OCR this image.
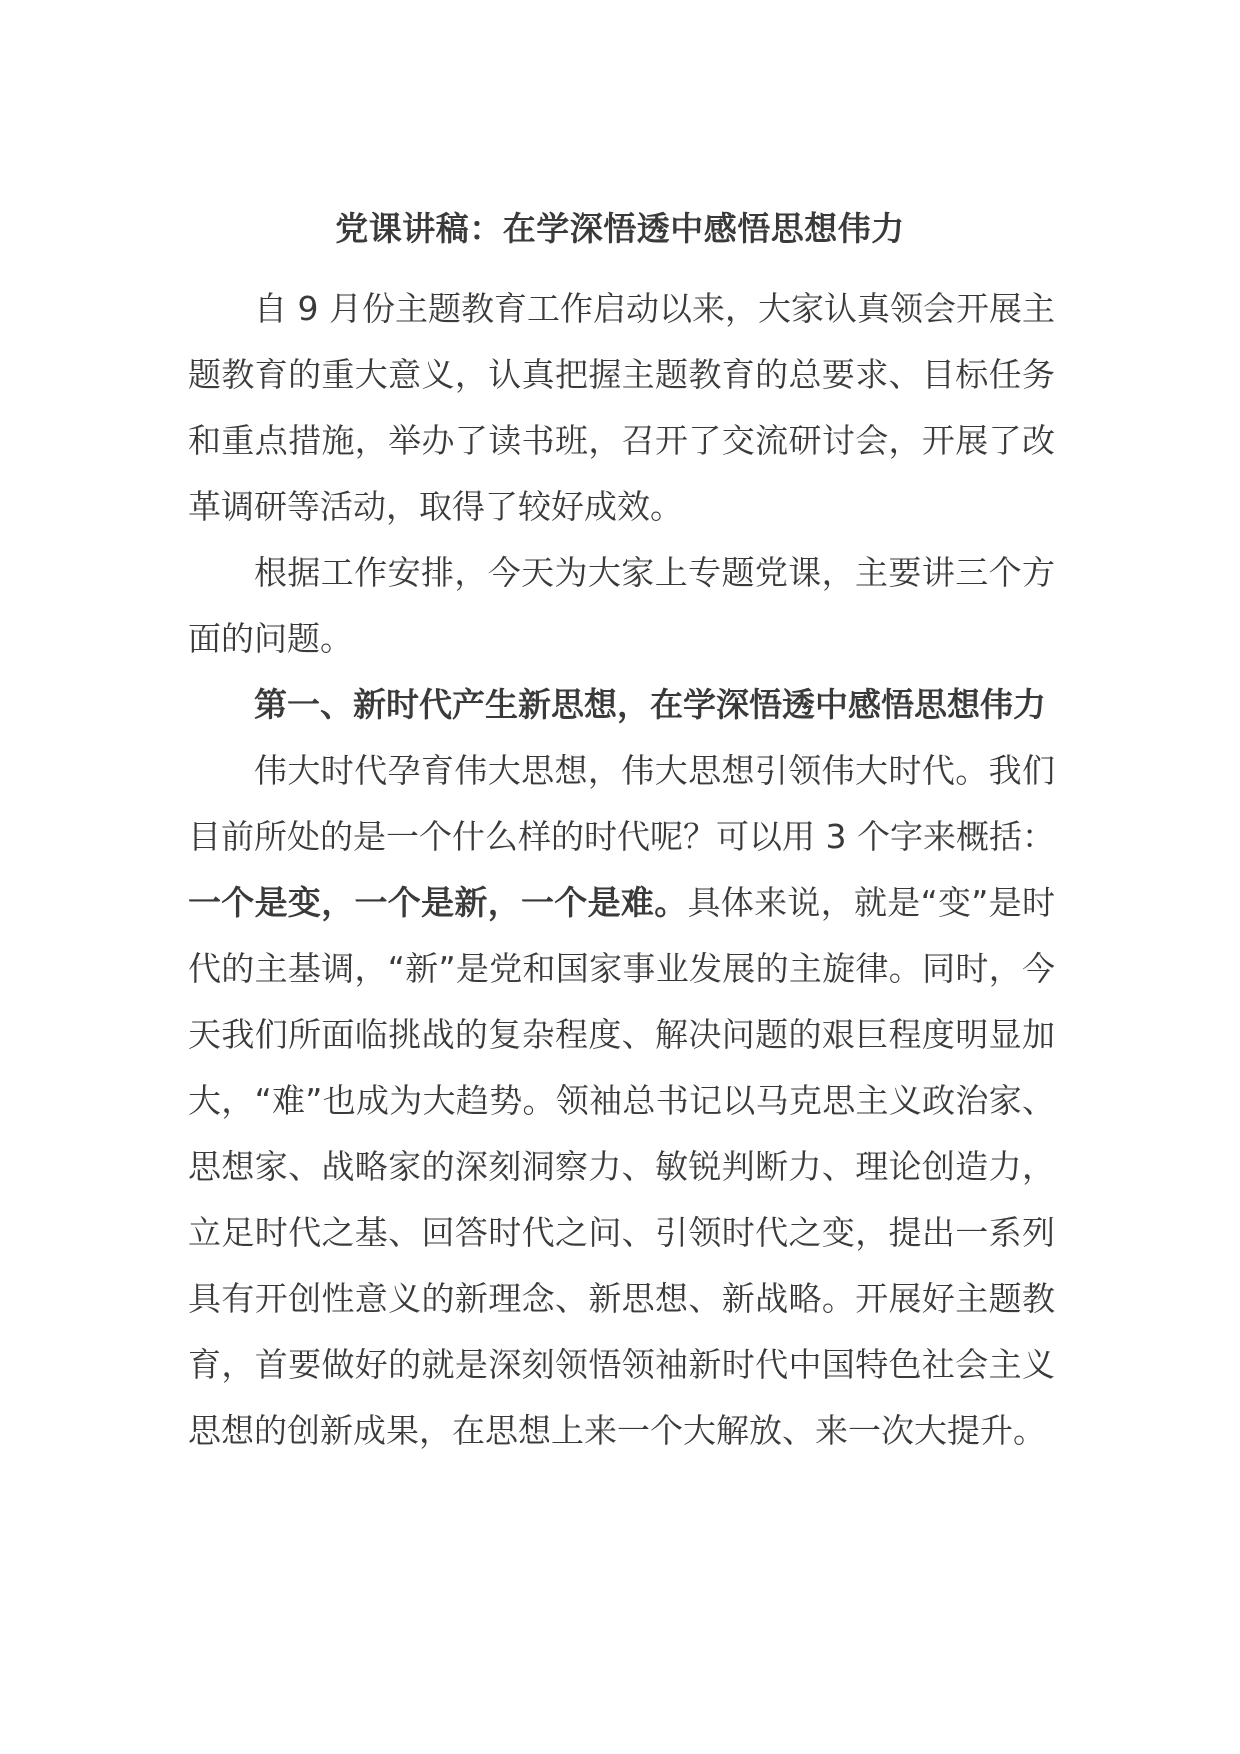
党课讲稿：在学深悟透中感悟思想伟力

自 9 月份主题教育工作启动以来，大家认真领会开展主题教育的重大意义，认真把握主题教育的总要求、目标任务和重点措施，举办了读书班，召开了交流研讨会，开展了改革调研等活动，取得了较好成效。

根据工作安排，今天为大家上专题党课，主要讲三个方面的问题。

第一、新时代产生新思想，在学深悟透中感悟思想伟力

伟大时代孕育伟大思想，伟大思想引领伟大时代。我们目前所处的是一个什么样的时代呢？可以用 3 个字来概括：一个是变，一个是新，一个是难。具体来说，就是“变”是时代的主基调，“新”是党和国家事业发展的主旋律。同时，今天我们所面临挑战的复杂程度、解决问题的艰巨程度明显加大，“难”也成为大趋势。领袖总书记以马克思主义政治家、思想家、战略家的深刻洞察力、敏锐判断力、理论创造力，立足时代之基、回答时代之问、引领时代之变，提出一系列具有开创性意义的新理念、新思想、新战略。开展好主题教育，首要做好的就是深刻领悟领袖新时代中国特色社会主义思想的创新成果，在思想上来一个大解放、来一次大提升。
